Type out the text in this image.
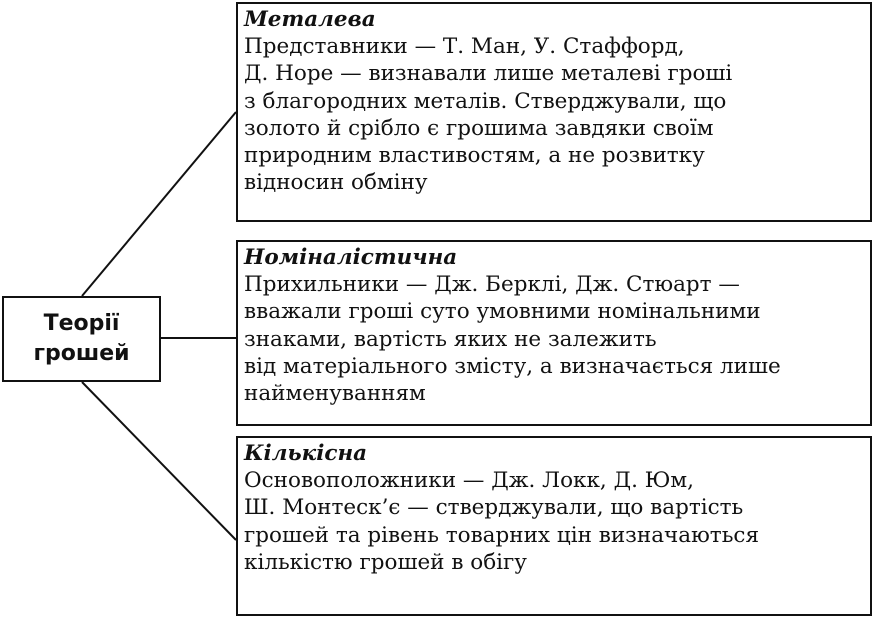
Теорії
грошей
Металева
Представники — Т. Ман, У. Стаффорд,
Д. Норе — визнавали лише металеві гроші
з благородних металів. Стверджували, що
золото й срібло є грошима завдяки своїм
природним властивостям, а не розвитку
відносин обміну
Номіналістична
Прихильники — Дж. Берклі, Дж. Стюарт —
вважали гроші суто умовними номінальними
знаками, вартість яких не залежить
від матеріального змісту, а визначається лише
найменуванням
Кількісна
Основоположники — Дж. Локк, Д. Юм,
Ш. Монтеск’є — стверджували, що вартість
грошей та рівень товарних цін визначаються
кількістю грошей в обігу
